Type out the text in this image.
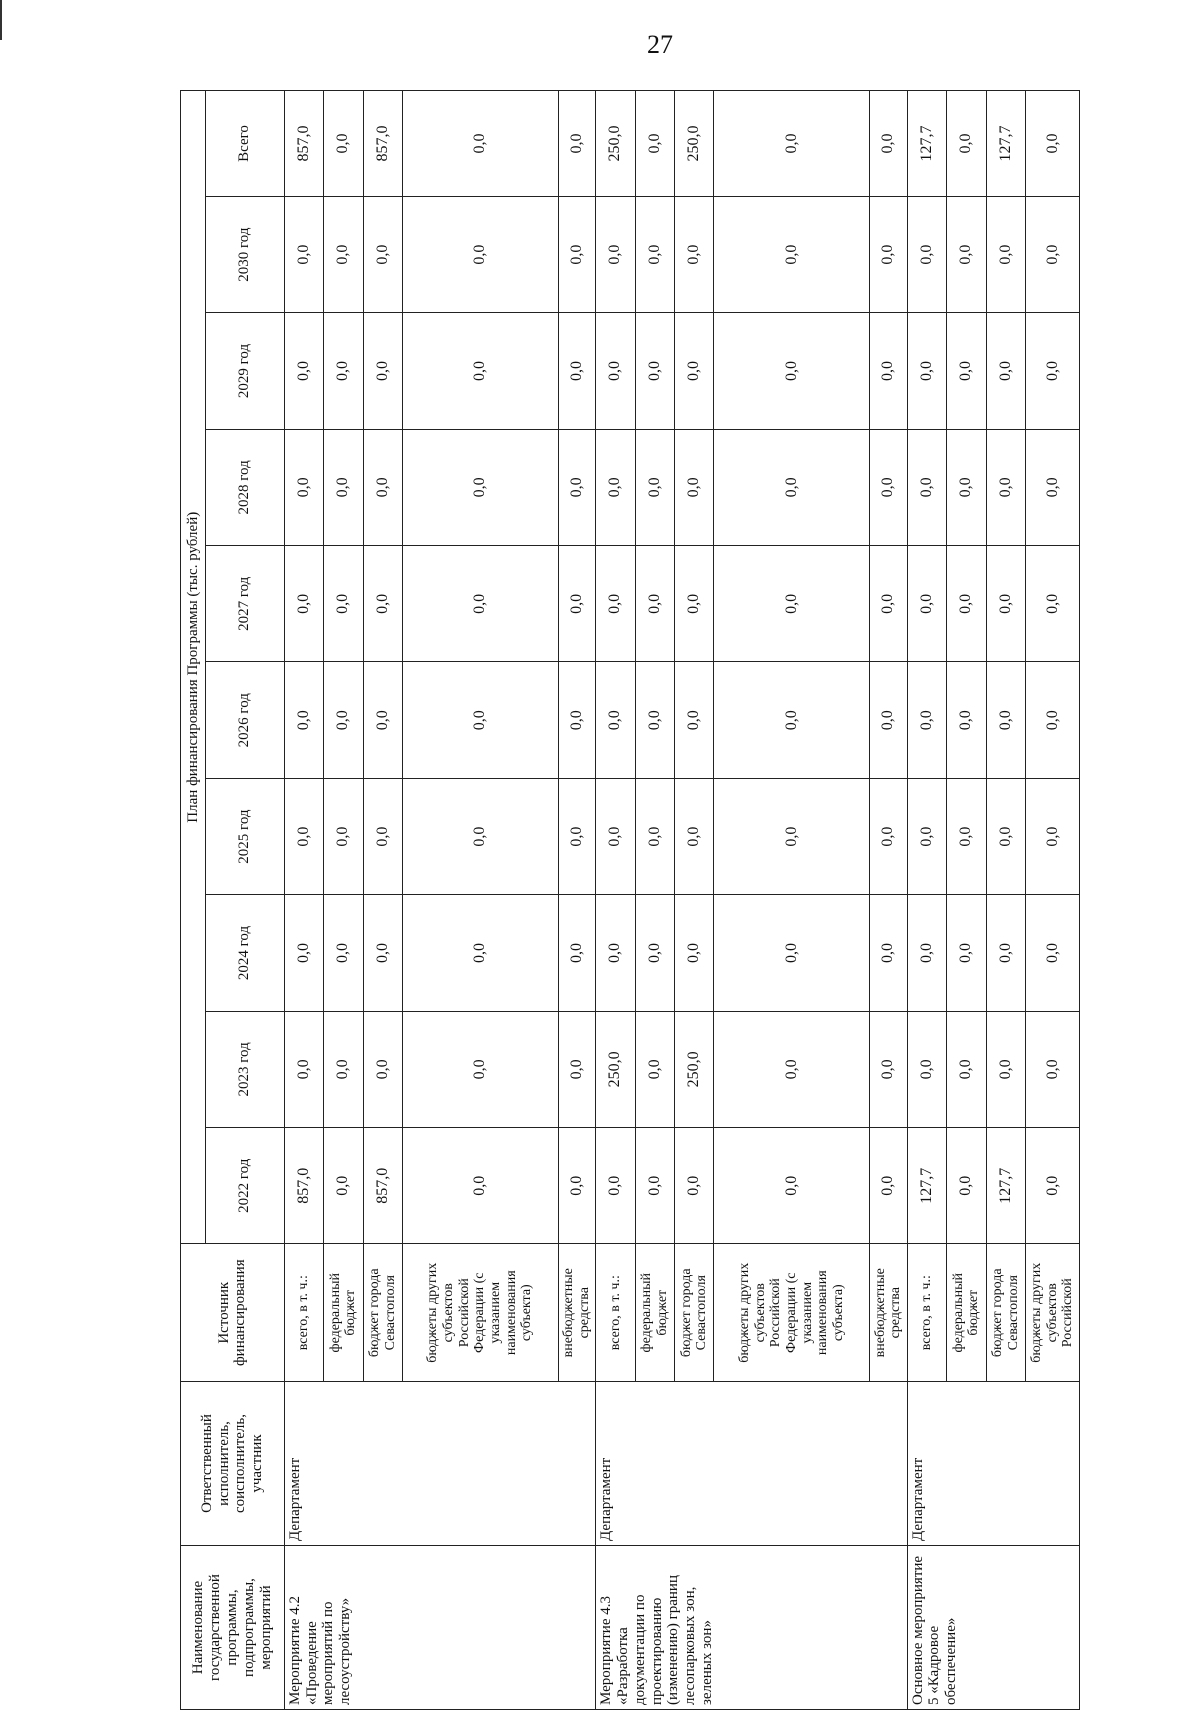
27
Наименование государственной программы, подпрограммы, мероприятий	Ответственный исполнитель, соисполнитель, участник	Источник финансирования	План финансирования Программы (тыс. рублей)									
			2022 год	2023 год	2024 год	2025 год	2026 год	2027 год	2028 год	2029 год	2030 год	Всего
Мероприятие 4.2 «Проведение мероприятий по лесоустройству»	Департамент	всего, в т. ч.:	857,0	0,0	0,0	0,0	0,0	0,0	0,0	0,0	0,0	857,0
		федеральный бюджет	0,0	0,0	0,0	0,0	0,0	0,0	0,0	0,0	0,0	0,0
		бюджет города Севастополя	857,0	0,0	0,0	0,0	0,0	0,0	0,0	0,0	0,0	857,0
		бюджеты других субъектов Российской Федерации (с указанием наименования субъекта)	0,0	0,0	0,0	0,0	0,0	0,0	0,0	0,0	0,0	0,0
		внебюджетные средства	0,0	0,0	0,0	0,0	0,0	0,0	0,0	0,0	0,0	0,0
Мероприятие 4.3 «Разработка документации по проектированию (изменению) границ лесопарковых зон, зеленых зон»	Департамент	всего, в т. ч.:	0,0	250,0	0,0	0,0	0,0	0,0	0,0	0,0	0,0	250,0
		федеральный бюджет	0,0	0,0	0,0	0,0	0,0	0,0	0,0	0,0	0,0	0,0
		бюджет города Севастополя	0,0	250,0	0,0	0,0	0,0	0,0	0,0	0,0	0,0	250,0
		бюджеты других субъектов Российской Федерации (с указанием наименования субъекта)	0,0	0,0	0,0	0,0	0,0	0,0	0,0	0,0	0,0	0,0
		внебюджетные средства	0,0	0,0	0,0	0,0	0,0	0,0	0,0	0,0	0,0	0,0
Основное мероприятие 5 «Кадровое обеспечение»	Департамент	всего, в т. ч.:	127,7	0,0	0,0	0,0	0,0	0,0	0,0	0,0	0,0	127,7
		федеральный бюджет	0,0	0,0	0,0	0,0	0,0	0,0	0,0	0,0	0,0	0,0
		бюджет города Севастополя	127,7	0,0	0,0	0,0	0,0	0,0	0,0	0,0	0,0	127,7
		бюджеты других субъектов Российской	0,0	0,0	0,0	0,0	0,0	0,0	0,0	0,0	0,0	0,0
